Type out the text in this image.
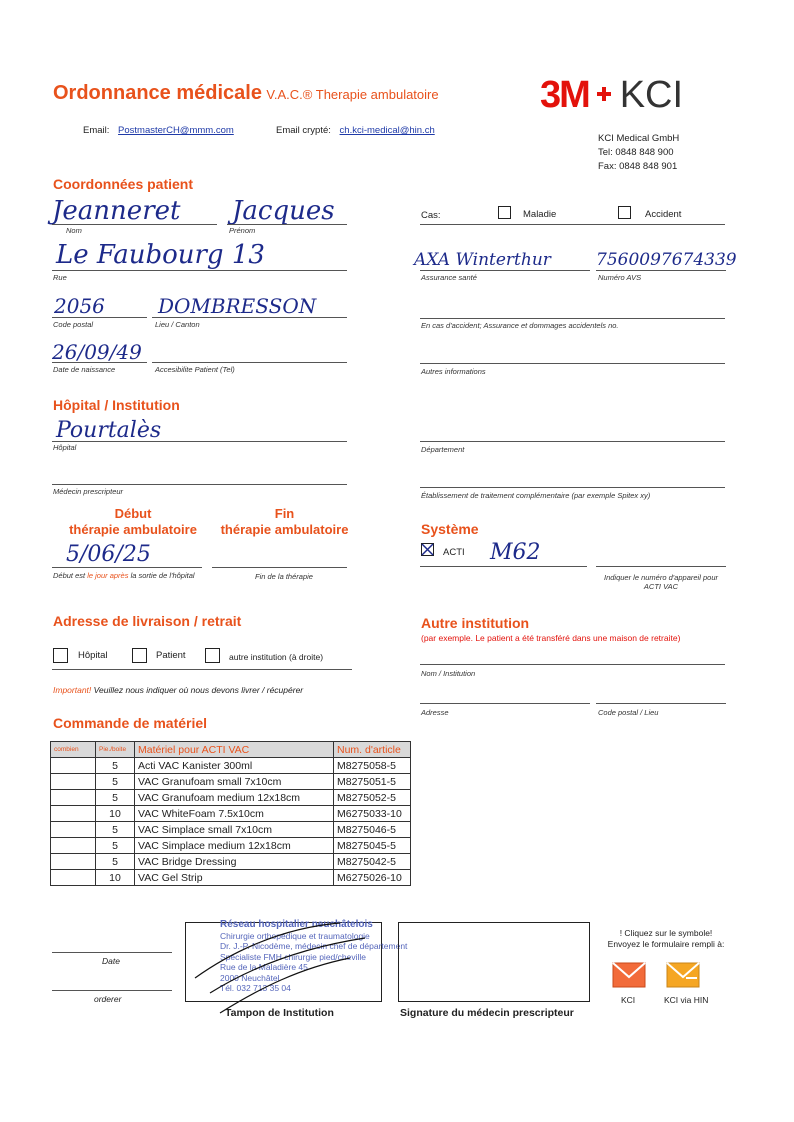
Ordonnance médicale V.A.C.® Therapie ambulatoire
Email: PostmasterCH@mmm.com	Email crypté: ch.kci-medical@hin.ch
3M KCI
KCI Medical GmbH
Tel: 0848 848 900
Fax: 0848 848 901
Coordonnées patient
Jeanneret
Nom
Jacques
Prénom
Le Faubourg 13
Rue
2056
Code postal
DOMBRESSON
Lieu / Canton
26/09/49
Date de naissance	Accesibilite Patient (Tel)
Cas:	Maladie	Accident
AXA Winterthur
Assurance santé
7560097674339
Numéro AVS
En cas d'accident; Assurance et dommages accidentels no.
Autres informations
Hôpital / Institution
Pourtalès
Hôpital
Médecin prescripteur
Département
Établissement de traitement complémentaire (par exemple Spitex xy)
Début
thérapie ambulatoire
Fin
thérapie ambulatoire
5/06/25
Début est le jour après la sortie de l'hôpital	Fin de la thérapie
Système
ACTI M62
Indiquer le numéro d'appareil pour ACTI VAC
Adresse de livraison / retrait
Hôpital	Patient	autre institution (à droite)
Important! Veuillez nous indiquer où nous devons livrer / récupérer
Autre institution
(par exemple. Le patient a été transféré dans une maison de retraite)
Nom / Institution
Adresse	Code postal / Lieu
Commande de matériel
combien	Pie./boite	Matériel pour ACTI VAC	Num. d'article
	5	Acti VAC Kanister 300ml	M8275058-5
	5	VAC Granufoam small 7x10cm	M8275051-5
	5	VAC Granufoam medium 12x18cm	M8275052-5
	10	VAC WhiteFoam 7.5x10cm	M6275033-10
	5	VAC Simplace small 7x10cm	M8275046-5
	5	VAC Simplace medium 12x18cm	M8275045-5
	5	VAC Bridge Dressing	M8275042-5
	10	VAC Gel Strip	M6275026-10
Date
orderer
Réseau hospitalier neuchâtelois
Chirurgie orthopédique et traumatologie
Dr. J.-P. Nicodème, médecin chef de département
Spécialiste FMH chirurgie pied/cheville
Rue de la Maladière 45
2000 Neuchâtel
Tél. 032 713 35 04
Tampon de Institution	Signature du médecin prescripteur
! Cliquez sur le symbole!
Envoyez le formulaire rempli à:
KCI	KCI via HIN
